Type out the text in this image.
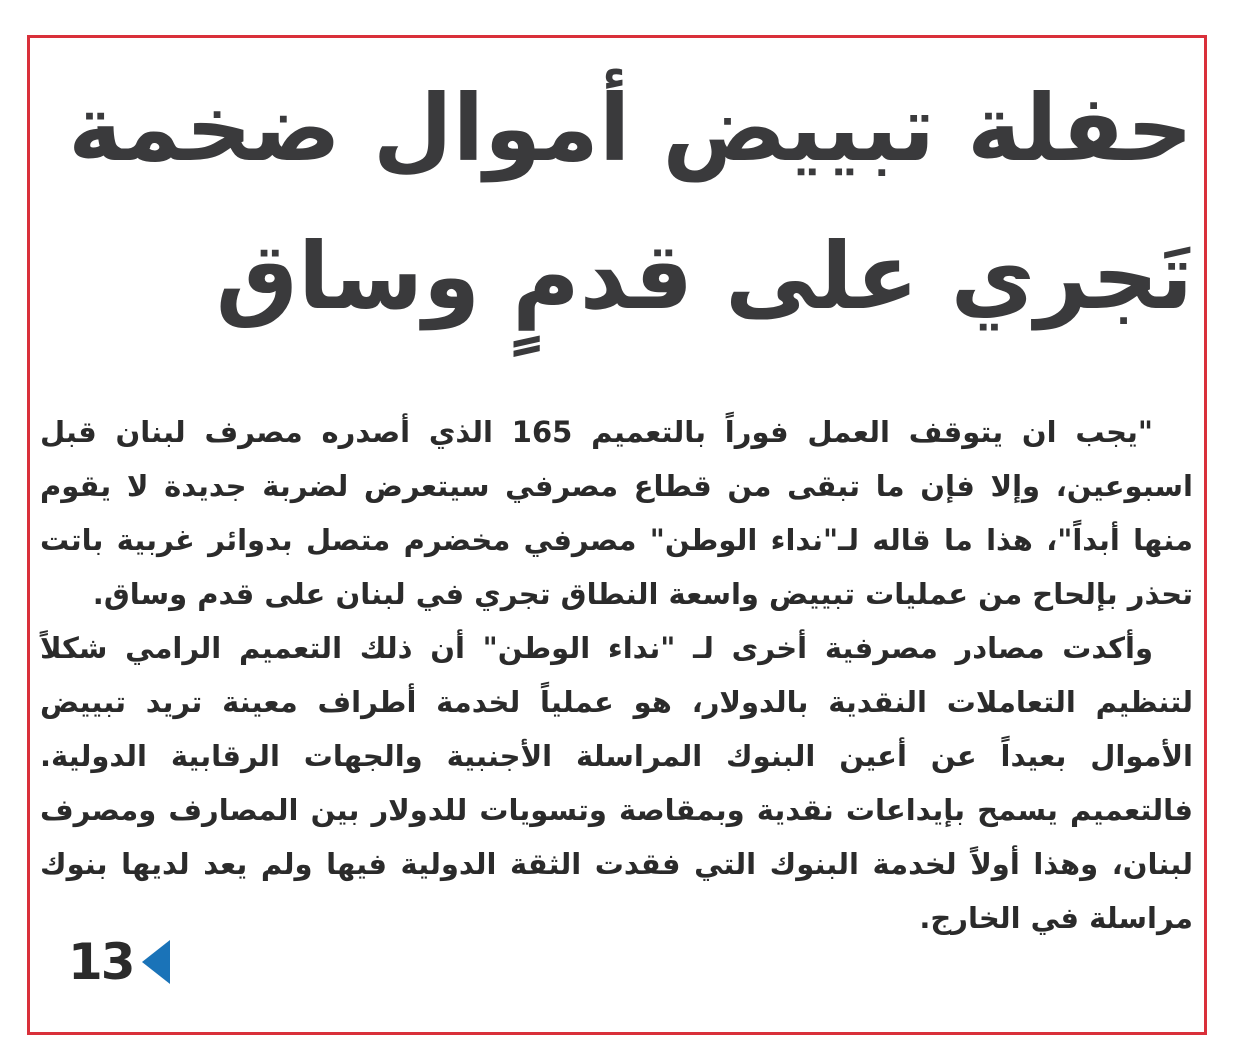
حفلة تبييض أموال ضخمة
تَجري على قدمٍ وساق

"يجب ان يتوقف العمل فوراً بالتعميم 165 الذي أصدره مصرف لبنان قبل اسبوعين، وإلا فإن ما تبقى من قطاع مصرفي سيتعرض لضربة جديدة لا يقوم منها أبداً"، هذا ما قاله لـ"نداء الوطن" مصرفي مخضرم متصل بدوائر غربية باتت تحذر بإلحاح من عمليات تبييض واسعة النطاق تجري في لبنان على قدم وساق.

وأكدت مصادر مصرفية أخرى لـ "نداء الوطن" أن ذلك التعميم الرامي شكلاً لتنظيم التعاملات النقدية بالدولار، هو عملياً لخدمة أطراف معينة تريد تبييض الأموال بعيداً عن أعين البنوك المراسلة الأجنبية والجهات الرقابية الدولية. فالتعميم يسمح بإيداعات نقدية وبمقاصة وتسويات للدولار بين المصارف ومصرف لبنان، وهذا أولاً لخدمة البنوك التي فقدت الثقة الدولية فيها ولم يعد لديها بنوك مراسلة في الخارج.

13
